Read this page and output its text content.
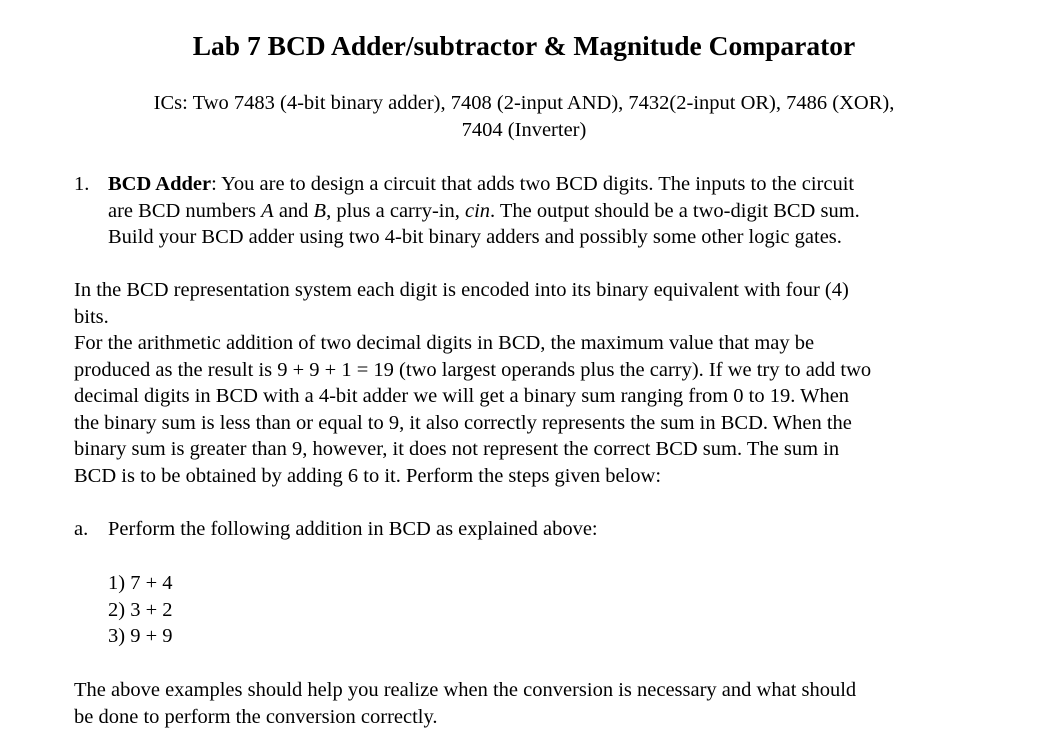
Lab 7 BCD Adder/subtractor & Magnitude Comparator
ICs: Two 7483 (4-bit binary adder), 7408 (2-input AND), 7432(2-input OR), 7486 (XOR),
7404 (Inverter)
1. BCD Adder: You are to design a circuit that adds two BCD digits. The inputs to the circuit
are BCD numbers A and B, plus a carry-in, cin. The output should be a two-digit BCD sum.
Build your BCD adder using two 4-bit binary adders and possibly some other logic gates.
In the BCD representation system each digit is encoded into its binary equivalent with four (4)
bits.
For the arithmetic addition of two decimal digits in BCD, the maximum value that may be
produced as the result is 9 + 9 + 1 = 19 (two largest operands plus the carry). If we try to add two
decimal digits in BCD with a 4-bit adder we will get a binary sum ranging from 0 to 19. When
the binary sum is less than or equal to 9, it also correctly represents the sum in BCD. When the
binary sum is greater than 9, however, it does not represent the correct BCD sum. The sum in
BCD is to be obtained by adding 6 to it. Perform the steps given below:
a. Perform the following addition in BCD as explained above:
1) 7 + 4
2) 3 + 2
3) 9 + 9
The above examples should help you realize when the conversion is necessary and what should
be done to perform the conversion correctly.
